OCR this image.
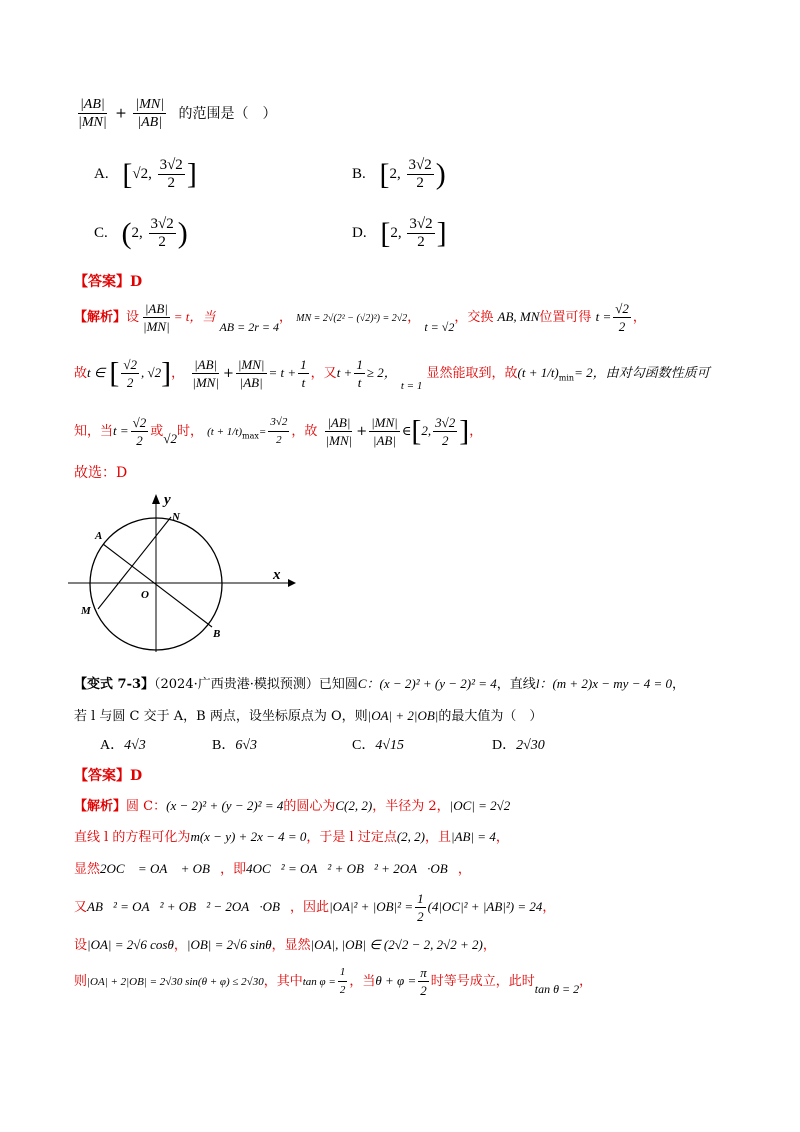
$\frac{|AB|}{|MN|} + \frac{|MN|}{|AB|}$ 的范围是（　）
A. [√2, $\frac{3√2}{2}$ ]	B. [2, $\frac{3√2}{2}$ )
C. (2, $\frac{3√2}{2}$ )	D. [2, $\frac{3√2}{2}$ ]
【答案】D
【解析】设 $\frac{|AB|}{|MN|} = t$，当 AB = 2r = 4， MN = 2√(2² − (√2)²) = 2√2， t = √2，交换 AB, MN位置可得 $t = \frac{√2}{2}$ ，
故t ∈ [ $\frac{√2}{2}$ , √2]， $\frac{|AB|}{|MN|} + \frac{|MN|}{|AB|} = t + \frac{1}{t}$ ，又$t + \frac{1}{t} \ge 2$， $_{t = 1}$ 显然能取到，故$(t + 1/t)_{min}= 2$，由对勾函数性质可
知，当$t = \frac{√2}{2}$ 或√2时， $(t + 1/t)_{max}= \frac{3√2}{2}$ ，故 $\frac{|AB|}{|MN|} + \frac{|MN|}{|AB|}$ ∈[2, $\frac{3√2}{2}$ ]，
故选：D
y
x
N
A
O
M
B
【变式 7-3】（2024·广西贵港·模拟预测）已知圆C：(x − 2)² + (y − 2)² = 4，直线l：(m + 2)x − my − 4 = 0，
若 l 与圆 C 交于 A，B 两点，设坐标原点为 O，则|OA| + 2|OB|的最大值为（　）
A．4√3	B．6√3	C．4√15	D．2√30
【答案】D
【解析】圆 C：(x − 2)² + (y − 2)² = 4的圆心为C(2, 2)，半径为 2，|OC| = 2√2
直线 l 的方程可化为m(x − y) + 2x − 4 = 0，于是 l 过定点(2, 2)，且|AB| = 4，
显然2OC⃗ = OA⃗ + OB⃗，即4OC⃗² = OA⃗² + OB⃗² + 2OA⃗·OB⃗，
又AB⃗² = OA⃗² + OB⃗² − 2OA⃗·OB⃗，因此$|OA|^2 + |OB|^2 = \frac{1}{2} (4|OC|^2 + |AB|^2) = 24$，
设|OA| = 2√6 cosθ，|OB| = 2√6 sinθ，显然|OA|, |OB| ∈ (2√2 − 2, 2√2 + 2)，
则|OA| + 2|OB| = 2√30 sin(θ + φ) ≤ 2√30，其中$\tan \varphi = \frac{1}{2}$ ，当$\theta + \varphi = \frac{\pi}{2}$ 时等号成立，此时tan θ = 2，
